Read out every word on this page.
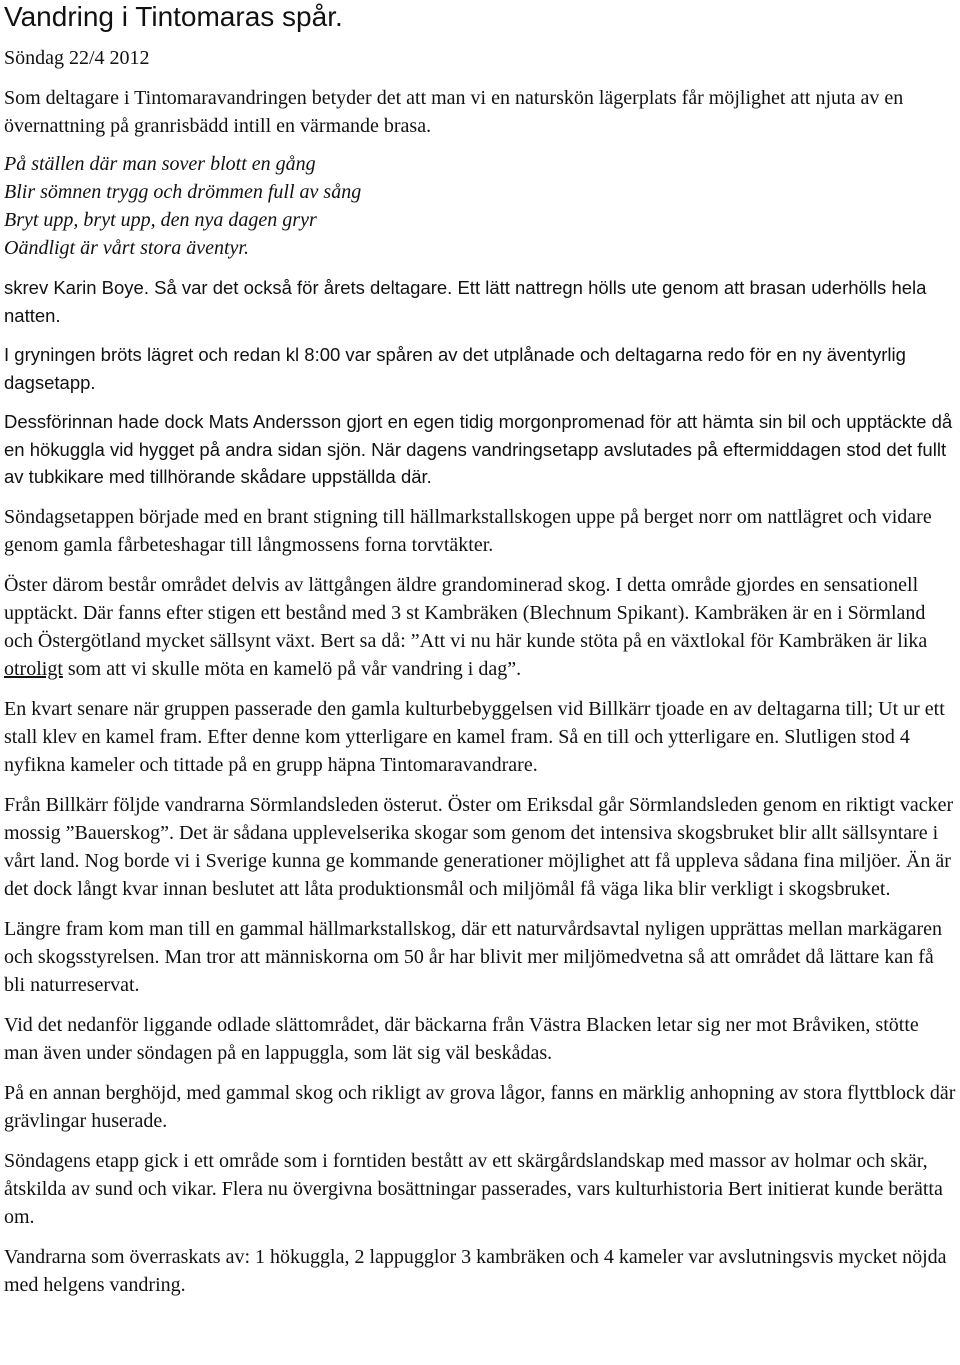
Vandring i Tintomaras spår.
Söndag 22/4 2012

Som deltagare i Tintomaravandringen betyder det att man vi en naturskön lägerplats får möjlighet att njuta av en övernattning på granrisbädd intill en värmande brasa.

På ställen där man sover blott en gång
Blir sömnen trygg och drömmen full av sång
Bryt upp, bryt upp, den nya dagen gryr
Oändligt är vårt stora äventyr.

skrev Karin Boye. Så var det också för årets deltagare. Ett lätt nattregn hölls ute genom att brasan uderhölls hela natten.

I gryningen bröts lägret och redan kl 8:00 var spåren av det utplånade och deltagarna redo för en ny äventyrlig dagsetapp.

Dessförinnan hade dock Mats Andersson gjort en egen tidig morgonpromenad för att hämta sin bil och upptäckte då en hökuggla vid hygget på andra sidan sjön. När dagens vandringsetapp avslutades på eftermiddagen stod det fullt av tubkikare med tillhörande skådare uppställda där.

Söndagsetappen började med en brant stigning till hällmarkstallskogen uppe på berget norr om nattlägret och vidare genom gamla fårbeteshagar till långmossens forna torvtäkter.

Öster därom består området delvis av lättgången äldre grandominerad skog. I detta område gjordes en sensationell upptäckt. Där fanns efter stigen ett bestånd med 3 st Kambräken (Blechnum Spikant). Kambräken är en i Sörmland och Östergötland mycket sällsynt växt. Bert sa då: ”Att vi nu här kunde stöta på en växtlokal för Kambräken är lika otroligt som att vi skulle möta en kamelö på vår vandring i dag”.

En kvart senare när gruppen passerade den gamla kulturbebyggelsen vid Billkärr tjoade en av deltagarna till; Ut ur ett stall klev en kamel fram. Efter denne kom ytterligare en kamel fram. Så en till och ytterligare en. Slutligen stod 4 nyfikna kameler och tittade på en grupp häpna Tintomaravandrare.

Från Billkärr följde vandrarna Sörmlandsleden österut. Öster om Eriksdal går Sörmlandsleden genom en riktigt vacker mossig ”Bauerskog”. Det är sådana upplevelserika skogar som genom det intensiva skogsbruket blir allt sällsyntare i vårt land. Nog borde vi i Sverige kunna ge kommande generationer möjlighet att få uppleva sådana fina miljöer. Än är det dock långt kvar innan beslutet att låta produktionsmål och miljömål få väga lika blir verkligt i skogsbruket.

Längre fram kom man till en gammal hällmarkstallskog, där ett naturvårdsavtal nyligen upprättas mellan markägaren och skogsstyrelsen. Man tror att människorna om 50 år har blivit mer miljömedvetna så att området då lättare kan få bli naturreservat.

Vid det nedanför liggande odlade slättområdet, där bäckarna från Västra Blacken letar sig ner mot Bråviken, stötte man även under söndagen på en lappuggla, som lät sig väl beskådas.

På en annan berghöjd, med gammal skog och rikligt av grova lågor, fanns en märklig anhopning av stora flyttblock där grävlingar huserade.

Söndagens etapp gick i ett område som i forntiden bestått av ett skärgårdslandskap med massor av holmar och skär, åtskilda av sund och vikar. Flera nu övergivna bosättningar passerades, vars kulturhistoria Bert initierat kunde berätta om.

Vandrarna som överraskats av: 1 hökuggla, 2 lappugglor 3 kambräken och 4 kameler var avslutningsvis mycket nöjda med helgens vandring.
